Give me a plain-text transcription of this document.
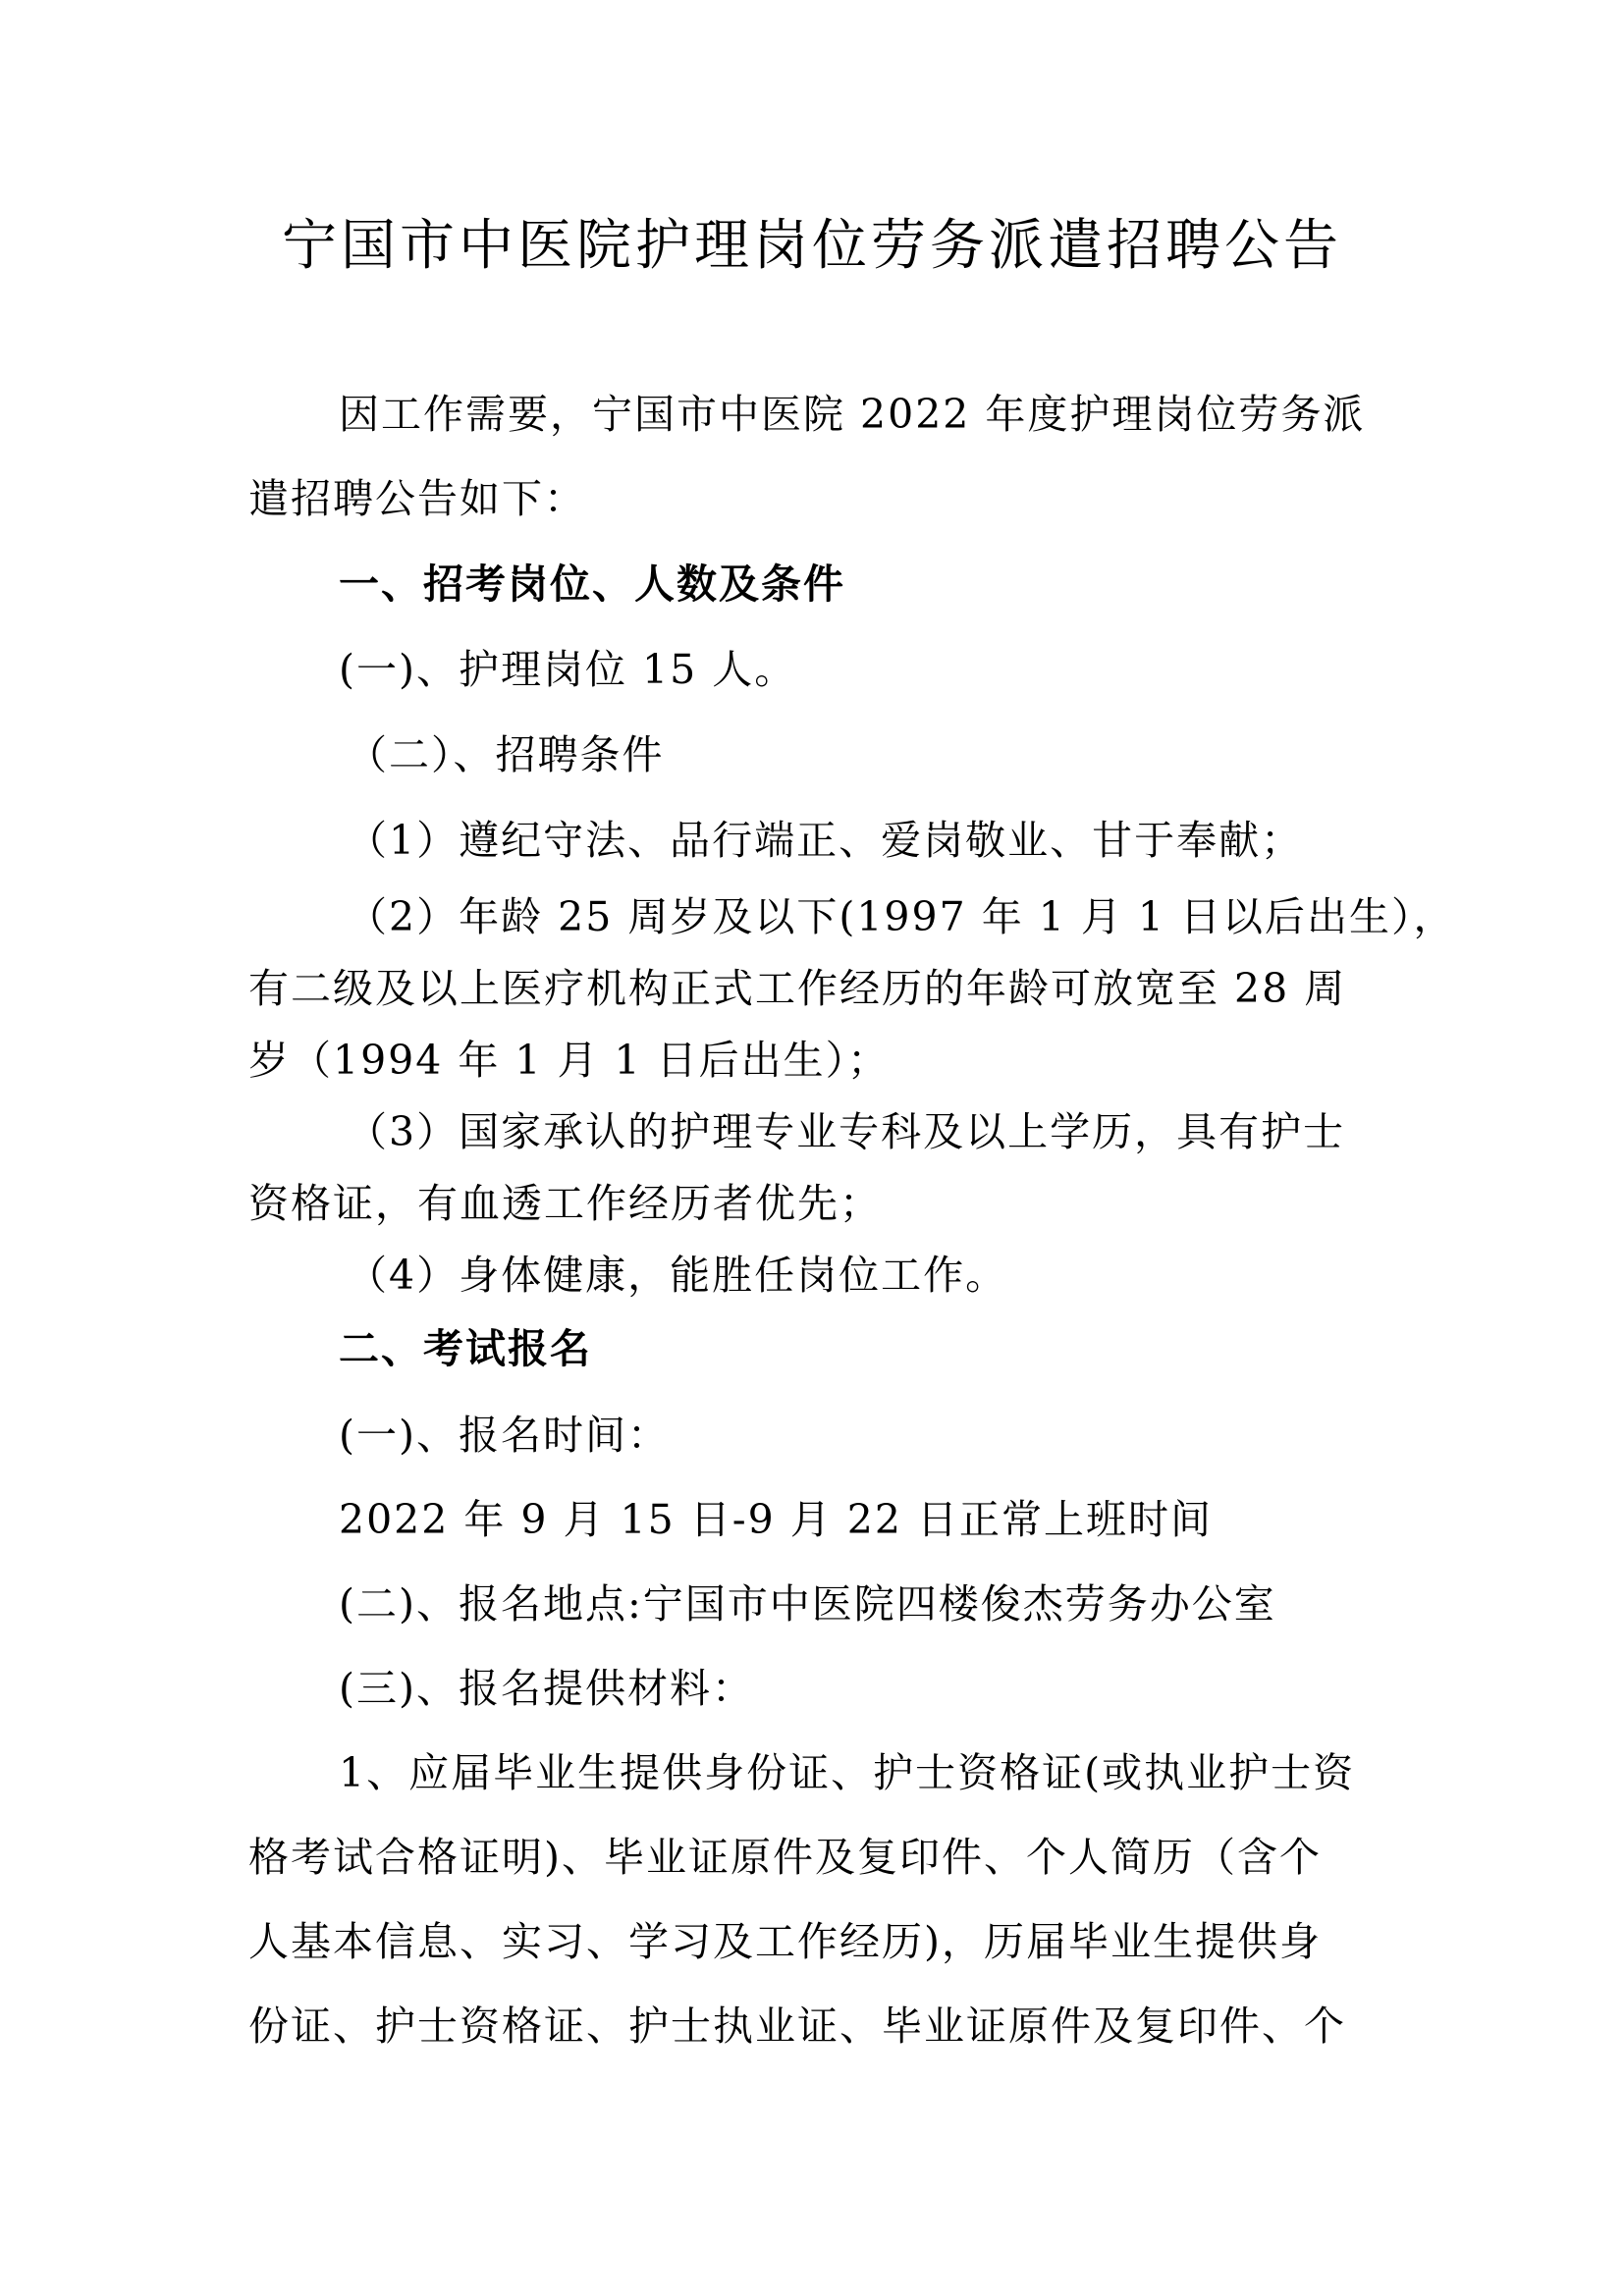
宁国市中医院护理岗位劳务派遣招聘公告
因工作需要，宁国市中医院 2022 年度护理岗位劳务派
遣招聘公告如下：
一、招考岗位、人数及条件
(一)、护理岗位 15 人。
（二）、招聘条件
（1）遵纪守法、品行端正、爱岗敬业、甘于奉献；
（2）年龄 25 周岁及以下(1997 年 1 月 1 日以后出生），
有二级及以上医疗机构正式工作经历的年龄可放宽至 28 周
岁（1994 年 1 月 1 日后出生）；
（3）国家承认的护理专业专科及以上学历，具有护士
资格证，有血透工作经历者优先；
（4）身体健康，能胜任岗位工作。
二、考试报名
(一)、报名时间：
2022 年 9 月 15 日-9 月 22 日正常上班时间
(二)、报名地点:宁国市中医院四楼俊杰劳务办公室
(三)、报名提供材料：
1、应届毕业生提供身份证、护士资格证(或执业护士资
格考试合格证明)、毕业证原件及复印件、个人简历（含个
人基本信息、实习、学习及工作经历)，历届毕业生提供身
份证、护士资格证、护士执业证、毕业证原件及复印件、个
